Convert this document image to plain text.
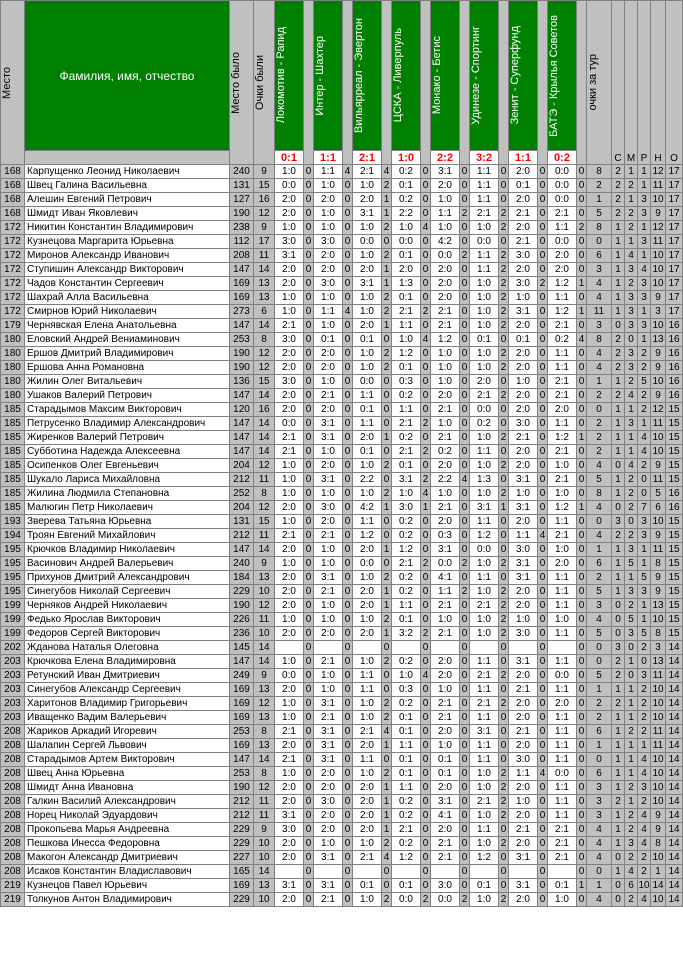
Место	Фамилия, имя, отчество	Место было	Очки были	Локомотив - Рапид		Интер - Шахтер		Вильярреал - Эвертон		ЦСКА - Ливерпуль		Монако - Бетис		Удинезе - Спортинг		Зенит - Суперфунд		БАТЭ - Крылья Советов		очки за тур	С	М	Р	Н	О
				0:1		1:1		2:1		1:0		2:2		3:2		1:1		0:2							
168	Карпущенко Леонид Николаевич	240	9	1:0	0	1:1	4	2:1	4	0:2	0	3:1	0	1:1	0	2:0	0	0:0	0	8	2	1	1	12	17
168	Швец Галина Васильевна	131	15	0:0	0	1:0	0	1:0	2	0:1	0	2:0	0	1:1	0	0:1	0	0:0	0	2	2	2	1	11	17
168	Алешин Евгений Петрович	127	16	2:0	0	2:0	0	2:0	1	0:2	0	1:0	0	1:1	0	2:0	0	0:0	0	1	2	1	3	10	17
168	Шмидт Иван Яковлевич	190	12	2:0	0	1:0	0	3:1	1	2:2	0	1:1	2	2:1	2	2:1	0	2:1	0	5	2	2	3	9	17
172	Никитин Константин Владимирович	238	9	1:0	0	1:0	0	1:0	2	1:0	4	1:0	0	1:0	2	2:0	0	1:1	2	8	1	2	1	12	17
172	Кузнецова Маргарита Юрьевна	112	17	3:0	0	3:0	0	0:0	0	0:0	0	4:2	0	0:0	0	2:1	0	0:0	0	0	1	1	3	11	17
172	Миронов Александр Иванович	208	11	3:1	0	2:0	0	1:0	2	0:1	0	0:0	2	1:1	2	3:0	0	2:0	0	6	1	4	1	10	17
172	Ступишин Александр Викторович	147	14	2:0	0	2:0	0	2:0	1	2:0	0	2:0	0	1:1	2	2:0	0	2:0	0	3	1	3	4	10	17
172	Чадов Константин Сергеевич	169	13	2:0	0	3:0	0	3:1	1	1:3	0	2:0	0	1:0	2	3:0	2	1:2	1	4	1	2	3	10	17
172	Шахрай Алла Васильевна	169	13	1:0	0	1:0	0	1:0	2	0:1	0	2:0	0	1:0	2	1:0	0	1:1	0	4	1	3	3	9	17
172	Смирнов Юрий Николаевич	273	6	1:0	0	1:1	4	1:0	2	2:1	2	2:1	0	1:0	2	3:1	0	1:2	1	11	1	3	1	3	17
179	Чернявская Елена Анатольевна	147	14	2:1	0	1:0	0	2:0	1	1:1	0	2:1	0	1:0	2	2:0	0	2:1	0	3	0	3	3	10	16
180	Еловский Андрей Вениаминович	253	8	3:0	0	0:1	0	0:1	0	1:0	4	1:2	0	0:1	0	0:1	0	0:2	4	8	2	0	1	13	16
180	Ершов Дмитрий Владимирович	190	12	2:0	0	2:0	0	1:0	2	1:2	0	1:0	0	1:0	2	2:0	0	1:1	0	4	2	3	2	9	16
180	Ершова Анна Романовна	190	12	2:0	0	2:0	0	1:0	2	0:1	0	1:0	0	1:0	2	2:0	0	1:1	0	4	2	3	2	9	16
180	Жилин Олег Витальевич	136	15	3:0	0	1:0	0	0:0	0	0:3	0	1:0	0	2:0	0	1:0	0	2:1	0	1	1	2	5	10	16
180	Ушаков Валерий Петрович	147	14	2:0	0	2:1	0	1:1	0	0:2	0	2:0	0	2:1	2	2:0	0	2:1	0	2	2	4	2	9	16
185	Старадымов Максим Викторович	120	16	2:0	0	2:0	0	0:1	0	1:1	0	2:1	0	0:0	0	2:0	0	2:0	0	0	1	1	2	12	15
185	Петрусенко Владимир Александрович	147	14	0:0	0	3:1	0	1:1	0	2:1	2	1:0	0	0:2	0	3:0	0	1:1	0	2	1	3	1	11	15
185	Жиренков Валерий Петрович	147	14	2:1	0	3:1	0	2:0	1	0:2	0	2:1	0	1:0	2	2:1	0	1:2	1	2	1	1	4	10	15
185	Субботина Надежда Алексеевна	147	14	2:1	0	1:0	0	0:1	0	2:1	2	0:2	0	1:1	0	2:0	0	2:1	0	2	1	1	4	10	15
185	Осипенков Олег Евгеньевич	204	12	1:0	0	2:0	0	1:0	2	0:1	0	2:0	0	1:0	2	2:0	0	1:0	0	4	0	4	2	9	15
185	Шукало Лариса Михайловна	212	11	1:0	0	3:1	0	2:2	0	3:1	2	2:2	4	1:3	0	3:1	0	2:1	0	5	1	2	0	11	15
185	Жилина Людмила Степановна	252	8	1:0	0	1:0	0	1:0	2	1:0	4	1:0	0	1:0	2	1:0	0	1:0	0	8	1	2	0	5	16
185	Малюгин Петр Николаевич	204	12	2:0	0	3:0	0	4:2	1	3:0	1	2:1	0	3:1	1	3:1	0	1:2	1	4	0	2	7	6	16
193	Зверева Татьяна Юрьевна	131	15	1:0	0	2:0	0	1:1	0	0:2	0	2:0	0	1:1	0	2:0	0	1:1	0	0	3	0	3	10	15
194	Троян Евгений Михайлович	212	11	2:1	0	2:1	0	1:2	0	0:2	0	0:3	0	1:2	0	1:1	4	2:1	0	4	2	2	3	9	15
195	Крючков Владимир Николаевич	147	14	2:0	0	1:0	0	2:0	1	1:2	0	3:1	0	0:0	0	3:0	0	1:0	0	1	1	3	1	11	15
195	Васинович Андрей Валерьевич	240	9	1:0	0	1:0	0	0:0	0	2:1	2	0:0	2	1:0	2	3:1	0	2:0	0	6	1	5	1	8	15
195	Прихунов Дмитрий Александрович	184	13	2:0	0	3:1	0	1:0	2	0:2	0	4:1	0	1:1	0	3:1	0	1:1	0	2	1	1	5	9	15
195	Синегубов Николай Сергеевич	229	10	2:0	0	2:1	0	2:0	1	0:2	0	1:1	2	1:0	2	2:0	0	1:1	0	5	1	3	3	9	15
199	Черняков Андрей Николаевич	190	12	2:0	0	1:0	0	2:0	1	1:1	0	2:1	0	2:1	2	2:0	0	1:1	0	3	0	2	1	13	15
199	Федько Ярослав Викторович	226	11	1:0	0	1:0	0	1:0	2	0:1	0	1:0	0	1:0	2	1:0	0	1:0	0	4	0	5	1	10	15
199	Федоров Сергей Викторович	236	10	2:0	0	2:0	0	2:0	1	3:2	2	2:1	0	1:0	2	3:0	0	1:1	0	5	0	3	5	8	15
202	Жданова Наталья Олеговна	145	14		0		0		0		0		0		0		0		0	0	3	0	2	3	14
203	Крючкова Елена Владимировна	147	14	1:0	0	2:1	0	1:0	2	0:2	0	2:0	0	1:1	0	3:1	0	1:1	0	0	2	1	0	13	14
203	Ретунский Иван Дмитриевич	249	9	0:0	0	1:0	0	1:1	0	1:0	4	2:0	0	2:1	2	2:0	0	0:0	0	5	2	0	3	11	14
203	Синегубов Александр Сергеевич	169	13	2:0	0	1:0	0	1:1	0	0:3	0	1:0	0	1:1	0	2:1	0	1:1	0	1	1	1	2	10	14
203	Харитонов Владимир Григорьевич	169	12	1:0	0	3:1	0	1:0	2	0:2	0	2:1	0	2:1	2	2:0	0	2:0	0	2	2	1	2	10	14
203	Иващенко Вадим Валерьевич	169	13	1:0	0	2:1	0	1:0	2	0:1	0	2:1	0	1:1	0	2:0	0	1:1	0	2	1	1	2	10	14
208	Жариков Аркадий Игоревич	253	8	2:1	0	3:1	0	2:1	4	0:1	0	2:0	0	3:1	0	2:1	0	1:1	0	6	1	2	2	11	14
208	Шалапин Сергей Львович	169	13	2:0	0	3:1	0	2:0	1	1:1	0	1:0	0	1:1	0	2:0	0	1:1	0	1	1	1	1	11	14
208	Старадымов Артем Викторович	147	14	2:1	0	3:1	0	1:1	0	0:1	0	0:1	0	1:1	0	3:0	0	1:1	0	0	1	1	4	10	14
208	Швец Анна Юрьевна	253	8	1:0	0	2:0	0	1:0	2	0:1	0	0:1	0	1:0	2	1:1	4	0:0	0	6	1	1	4	10	14
208	Шмидт Анна Ивановна	190	12	2:0	0	2:0	0	2:0	1	1:1	0	2:0	0	1:0	2	2:0	0	1:1	0	3	1	2	3	10	14
208	Галкин Василий Александрович	212	11	2:0	0	3:0	0	2:0	1	0:2	0	3:1	0	2:1	2	1:0	0	1:1	0	3	2	1	2	10	14
208	Норец Николай Эдуардович	212	11	3:1	0	2:0	0	2:0	1	0:2	0	4:1	0	1:0	2	2:0	0	1:1	0	3	1	2	4	9	14
208	Прокопьева Марья Андреевна	229	9	3:0	0	2:0	0	2:0	1	2:1	0	2:0	0	1:1	0	2:1	0	2:1	0	4	1	2	4	9	14
208	Пешкова Инесса Федоровна	229	10	2:0	0	1:0	0	1:0	2	0:2	0	2:1	0	1:0	2	2:0	0	2:1	0	4	1	3	4	8	14
208	Макогон Александр Дмитриевич	227	10	2:0	0	3:1	0	2:1	4	1:2	0	2:1	0	1:2	0	3:1	0	2:1	0	4	0	2	2	10	14
208	Исаков Константин Владиславович	165	14		0		0		0		0		0		0		0		0	0	1	4	2	1	14
219	Кузнецов Павел Юрьевич	169	13	3:1	0	3:1	0	0:1	0	0:1	0	3:0	0	0:1	0	3:1	0	0:1	1	1	0	6	10	14	14
219	Толкунов Антон Владимирович	229	10	2:0	0	2:1	0	1:0	2	0:0	2	0:0	2	1:0	2	2:0	0	1:0	0	4	0	2	4	10	14
